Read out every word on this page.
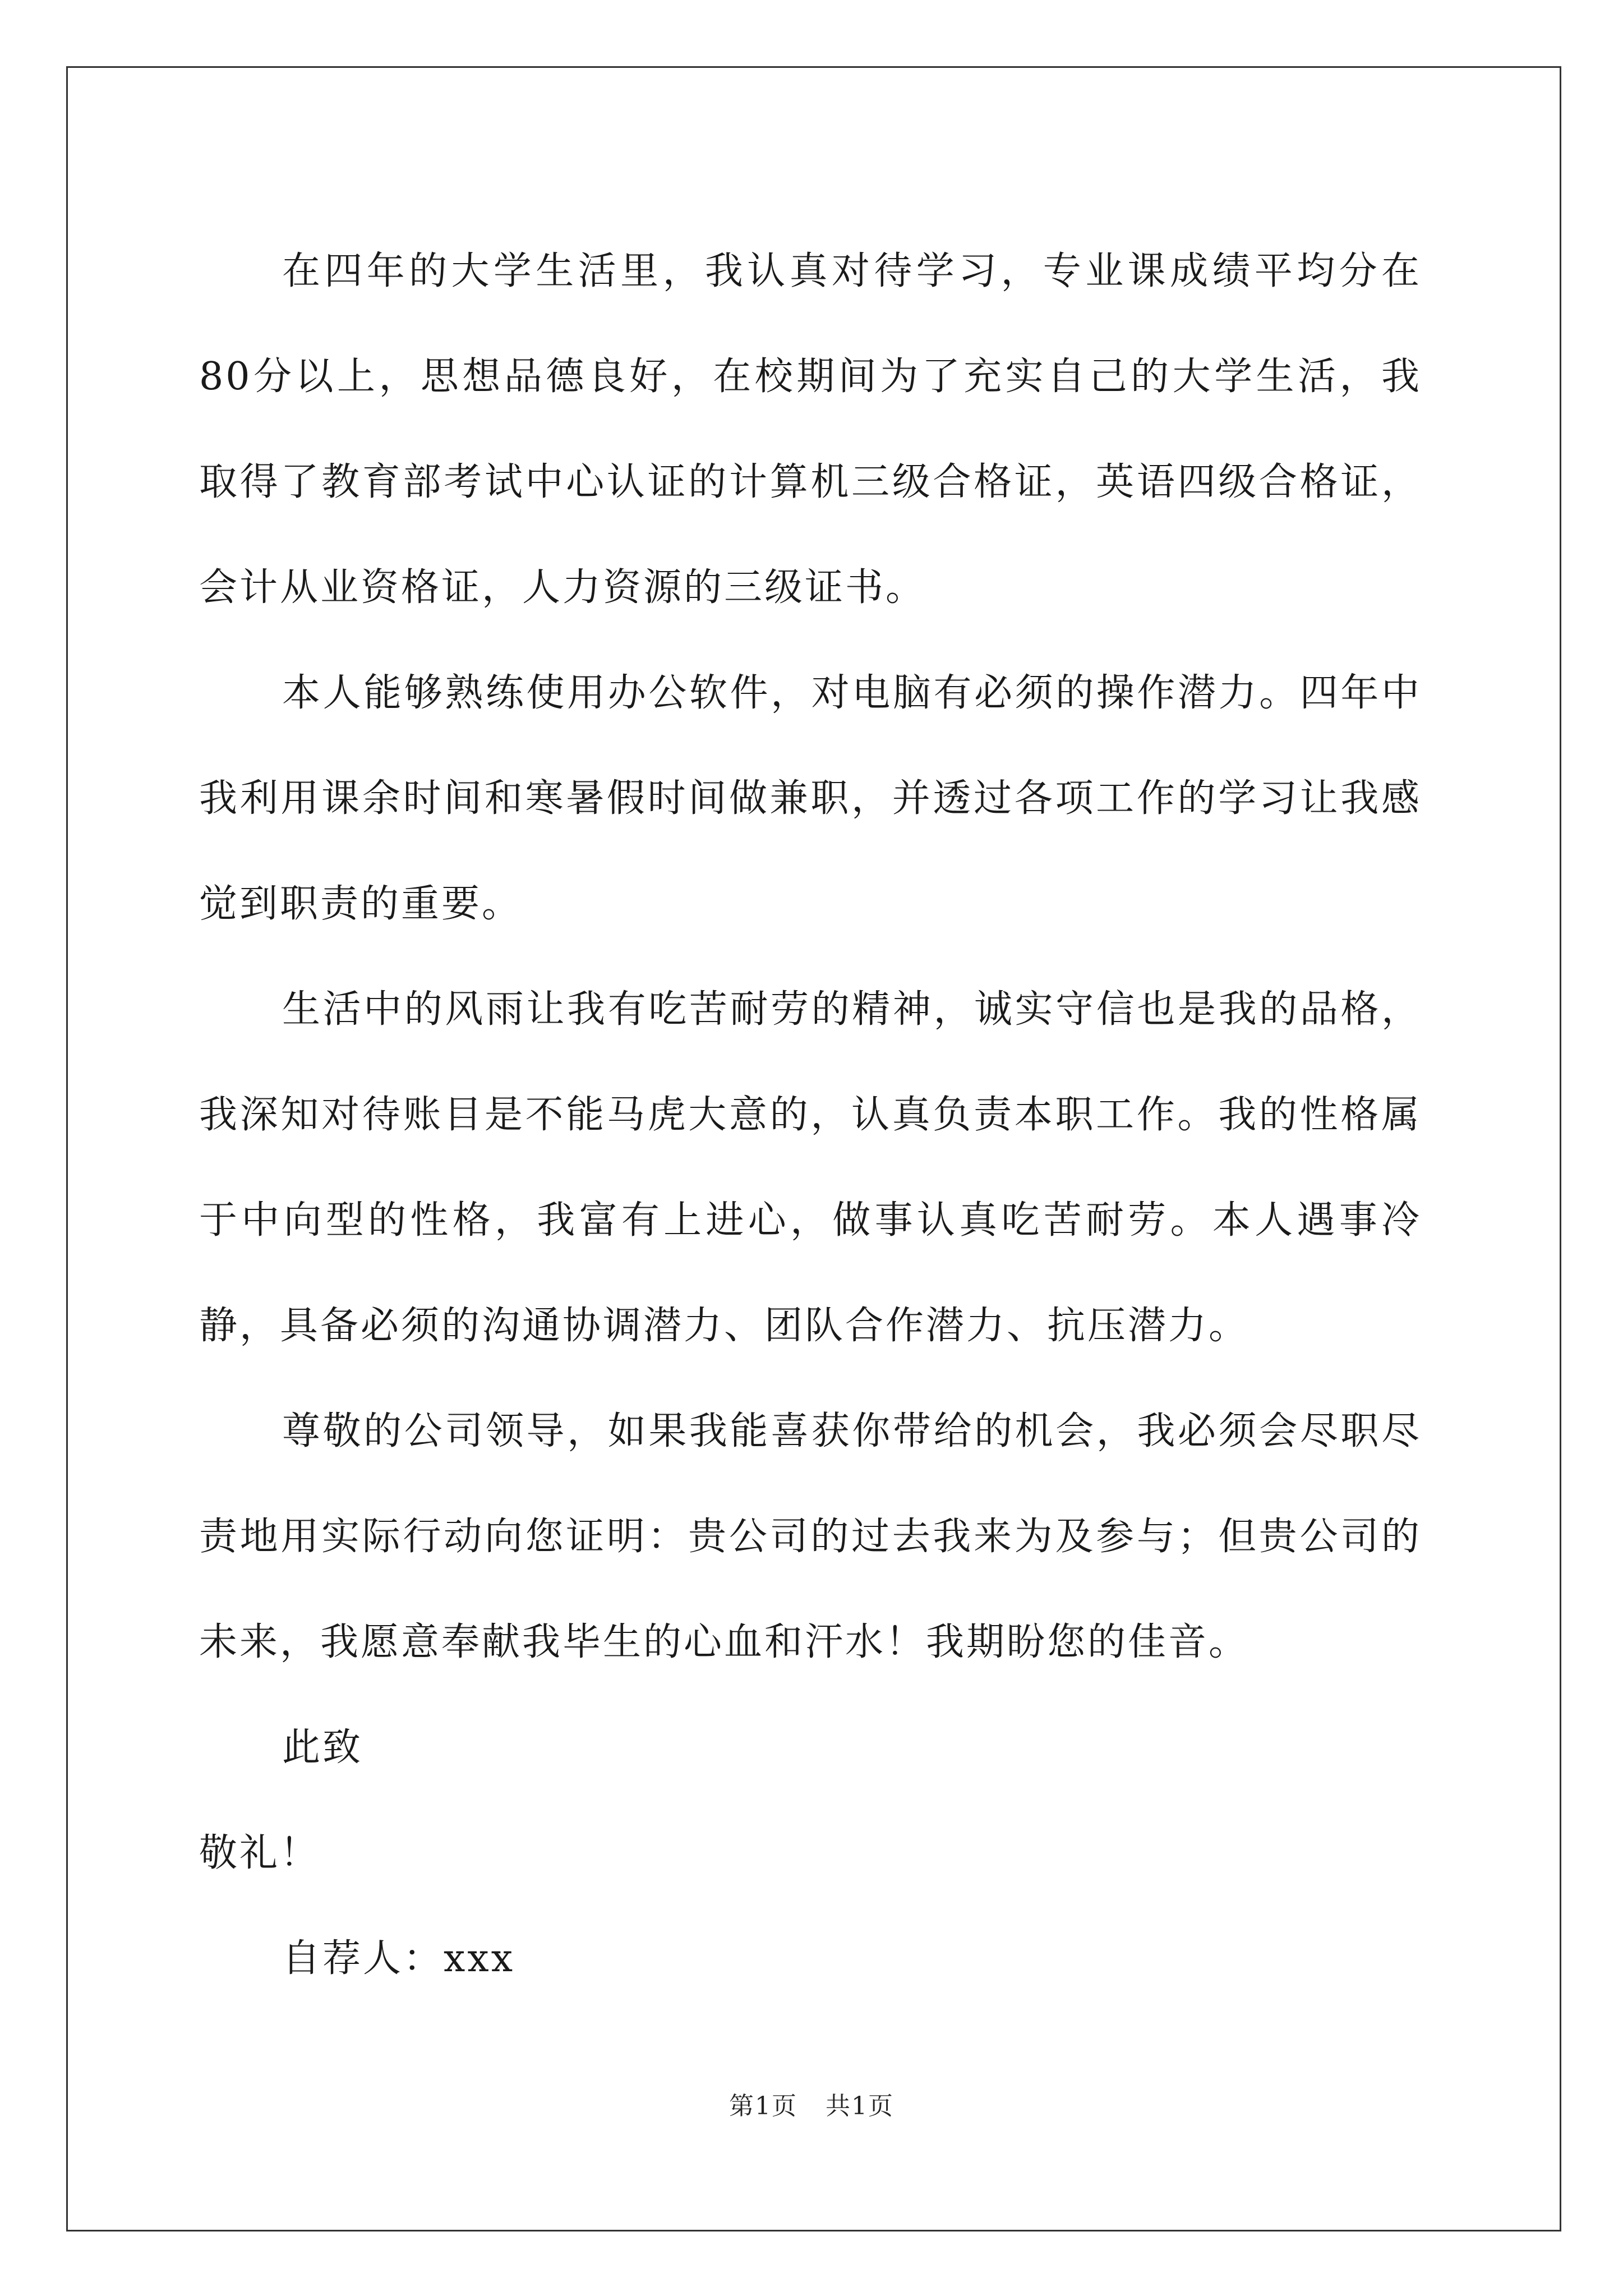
在四年的大学生活里，我认真对待学习，专业课成绩平均分在80分以上，思想品德良好，在校期间为了充实自己的大学生活，我取得了教育部考试中心认证的计算机三级合格证，英语四级合格证，会计从业资格证，人力资源的三级证书。

本人能够熟练使用办公软件，对电脑有必须的操作潜力。四年中我利用课余时间和寒暑假时间做兼职，并透过各项工作的学习让我感觉到职责的重要。

生活中的风雨让我有吃苦耐劳的精神，诚实守信也是我的品格，我深知对待账目是不能马虎大意的，认真负责本职工作。我的性格属于中向型的性格，我富有上进心，做事认真吃苦耐劳。本人遇事冷静，具备必须的沟通协调潜力、团队合作潜力、抗压潜力。

尊敬的公司领导，如果我能喜获你带给的机会，我必须会尽职尽责地用实际行动向您证明：贵公司的过去我来为及参与；但贵公司的未来，我愿意奉献我毕生的心血和汗水！我期盼您的佳音。

此致

敬礼！

自荐人：xxx

第1页 共1页
